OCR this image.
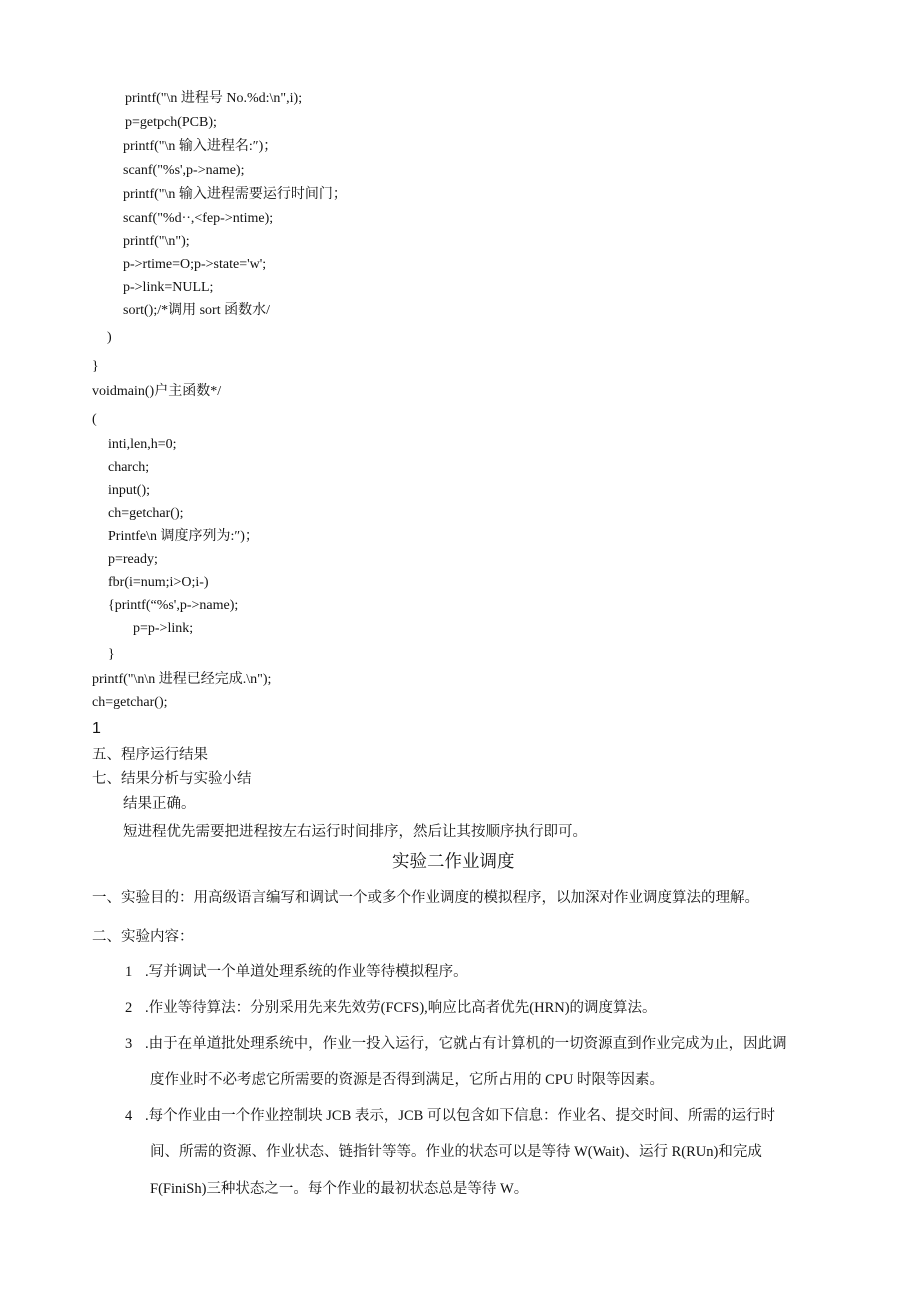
printf("\n 进程号 No.%d:\n",i);
p=getpch(PCB);
printf("\n 输入进程名:″)；
scanf("%s',p->name);
printf("\n 输入进程需要运行时间门；
scanf("%d··,<fep->ntime);
printf("\n");
p->rtime=O;p->state='w';
p->link=NULL;
sort();/*调用 sort 函数水/
)
}
voidmain()户主函数*/
(
inti,len,h=0;
charch;
input();
ch=getchar();
Printfe\n 调度序列为:″)；
p=ready;
fbr(i=num;i>O;i-)
{printf(“%s',p->name);
p=p->link;
}
printf("\n\n 进程已经完成.\n");
ch=getchar();
1
五、程序运行结果
七、结果分析与实验小结
结果正确。
短进程优先需要把进程按左右运行时间排序，然后让其按顺序执行即可。
实验二作业调度
一、实验目的：用高级语言编写和调试一个或多个作业调度的模拟程序，以加深对作业调度算法的理解。
二、实验内容：
1 .写并调试一个单道处理系统的作业等待模拟程序。
2 .作业等待算法：分别采用先来先效劳(FCFS),响应比高者优先(HRN)的调度算法。
3 .由于在单道批处理系统中，作业一投入运行，它就占有计算机的一切资源直到作业完成为止，因此调
度作业时不必考虑它所需要的资源是否得到满足，它所占用的 CPU 时限等因素。
4 .每个作业由一个作业控制块 JCB 表示，JCB 可以包含如下信息：作业名、提交时间、所需的运行时
间、所需的资源、作业状态、链指针等等。作业的状态可以是等待 W(Wait)、运行 R(RUn)和完成
F(FiniSh)三种状态之一。每个作业的最初状态总是等待 W。
